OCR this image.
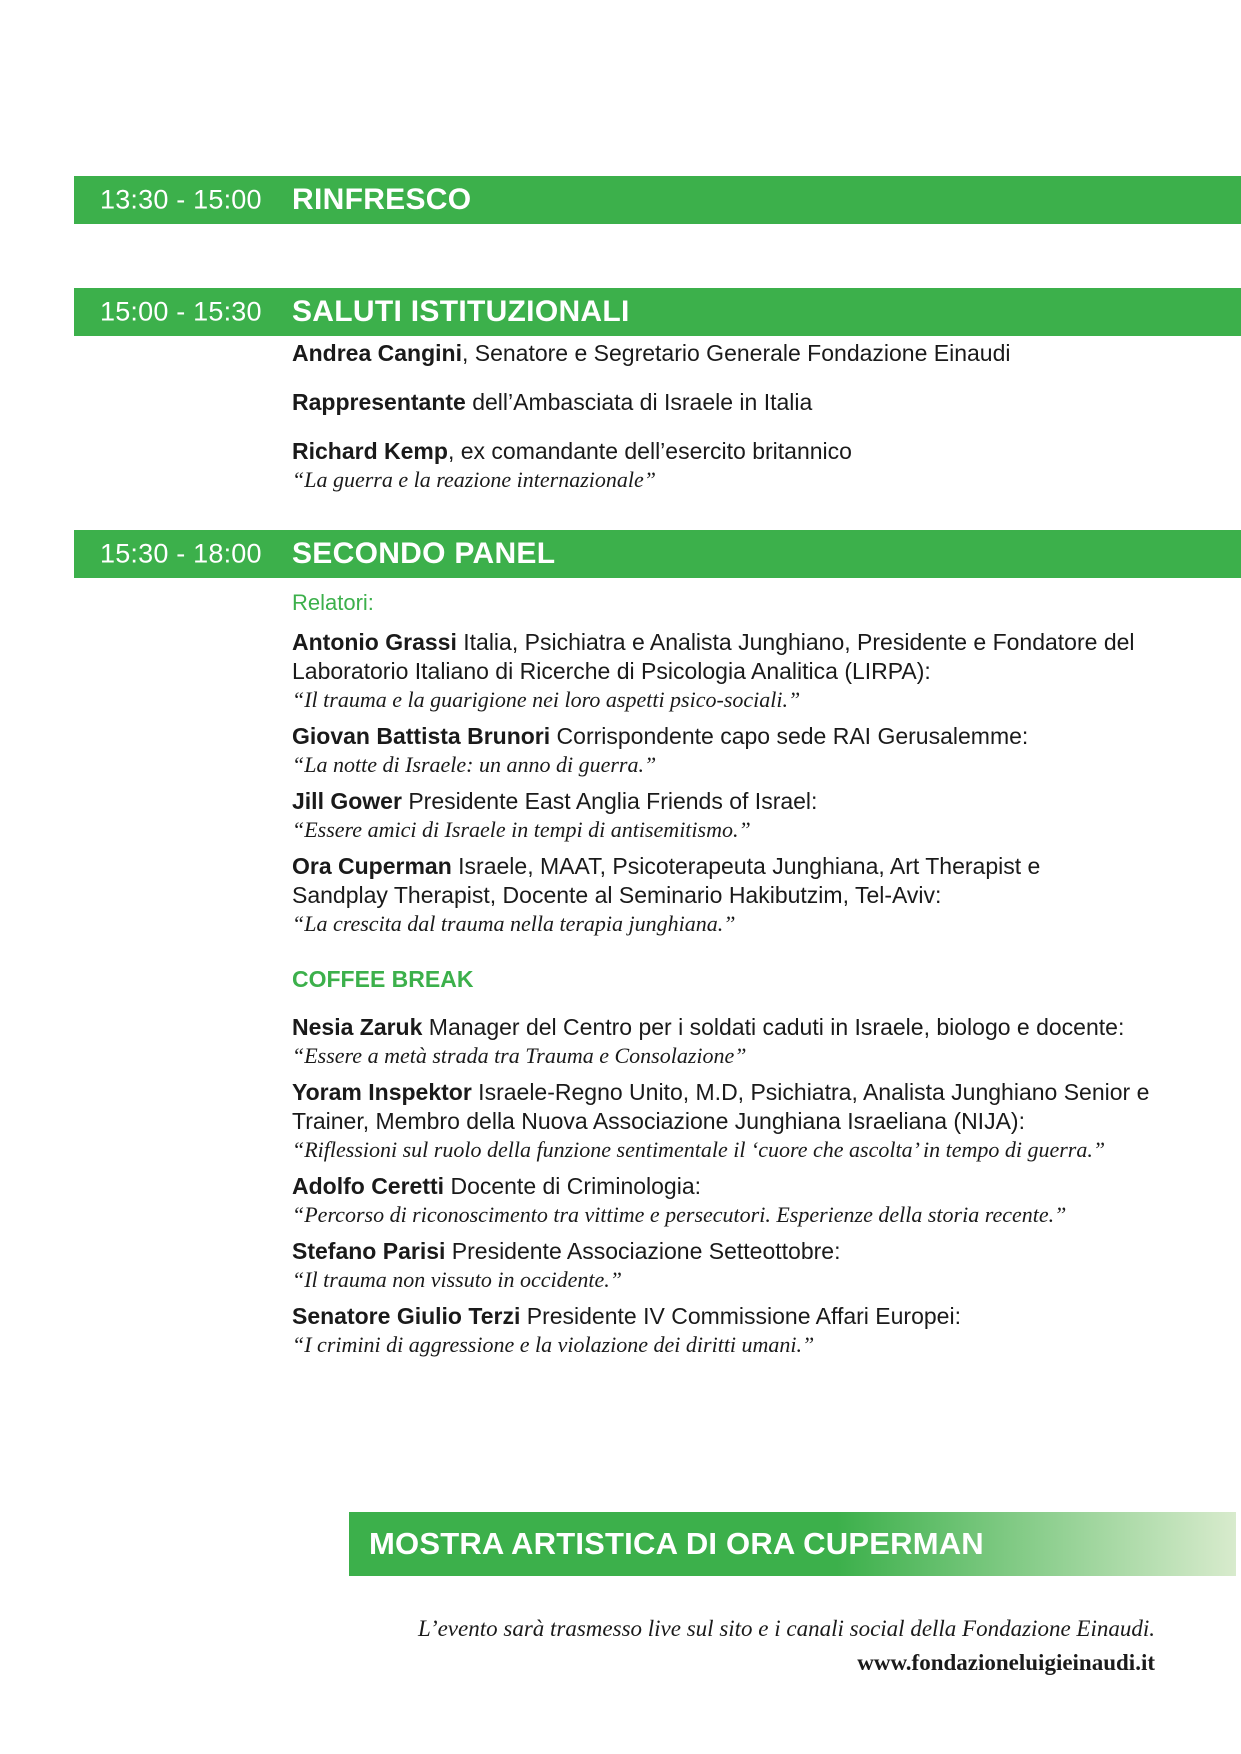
13:30 - 15:00 RINFRESCO
15:00 - 15:30 SALUTI ISTITUZIONALI
Andrea Cangini, Senatore e Segretario Generale Fondazione Einaudi
Rappresentante dell’Ambasciata di Israele in Italia
Richard Kemp, ex comandante dell’esercito britannico
“La guerra e la reazione internazionale”
15:30 - 18:00 SECONDO PANEL
Relatori:
Antonio Grassi Italia, Psichiatra e Analista Junghiano, Presidente e Fondatore del
Laboratorio Italiano di Ricerche di Psicologia Analitica (LIRPA):
“Il trauma e la guarigione nei loro aspetti psico-sociali.”
Giovan Battista Brunori Corrispondente capo sede RAI Gerusalemme:
“La notte di Israele: un anno di guerra.”
Jill Gower Presidente East Anglia Friends of Israel:
“Essere amici di Israele in tempi di antisemitismo.”
Ora Cuperman Israele, MAAT, Psicoterapeuta Junghiana, Art Therapist e
Sandplay Therapist, Docente al Seminario Hakibutzim, Tel-Aviv:
“La crescita dal trauma nella terapia junghiana.”
COFFEE BREAK
Nesia Zaruk Manager del Centro per i soldati caduti in Israele, biologo e docente:
“Essere a metà strada tra Trauma e Consolazione”
Yoram Inspektor Israele-Regno Unito, M.D, Psichiatra, Analista Junghiano Senior e
Trainer, Membro della Nuova Associazione Junghiana Israeliana (NIJA):
“Riflessioni sul ruolo della funzione sentimentale il ‘cuore che ascolta’ in tempo di guerra.”
Adolfo Ceretti Docente di Criminologia:
“Percorso di riconoscimento tra vittime e persecutori. Esperienze della storia recente.”
Stefano Parisi Presidente Associazione Setteottobre:
“Il trauma non vissuto in occidente.”
Senatore Giulio Terzi Presidente IV Commissione Affari Europei:
“I crimini di aggressione e la violazione dei diritti umani.”
MOSTRA ARTISTICA DI ORA CUPERMAN
L’evento sarà trasmesso live sul sito e i canali social della Fondazione Einaudi.
www.fondazioneluigieinaudi.it
